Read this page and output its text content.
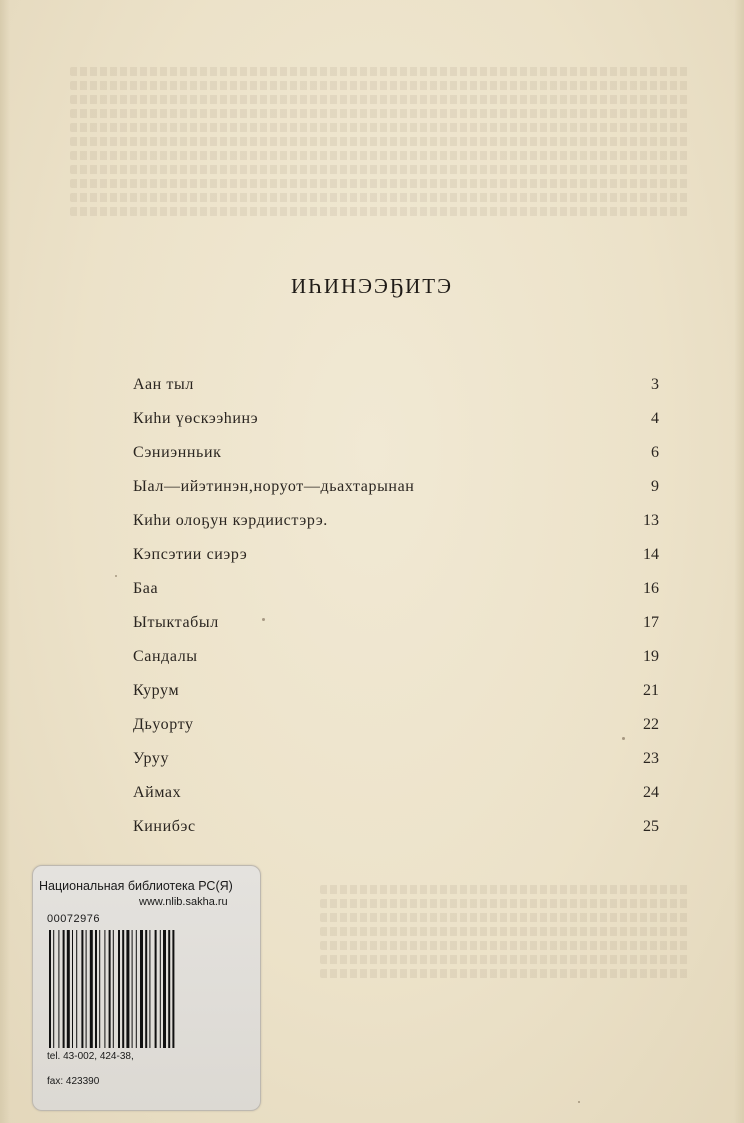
ИҺИНЭЭҔИТЭ
Аан тыл	3
Киһи үөскээһинэ	4
Сэниэнньик	6
Ыал—ийэтинэн,норуот—дьахтарынан	9
Киһи олоҕун кэрдиистэрэ.	13
Кэпсэтии сиэрэ	14
Баа	16
Ытыктабыл	17
Сандалы	19
Курум	21
Дьуорту	22
Уруу	23
Аймах	24
Кинибэс	25
Национальная библиотека РС(Я)
www.nlib.sakha.ru
00072976
tel. 43-002, 424-38,
fax: 423390
